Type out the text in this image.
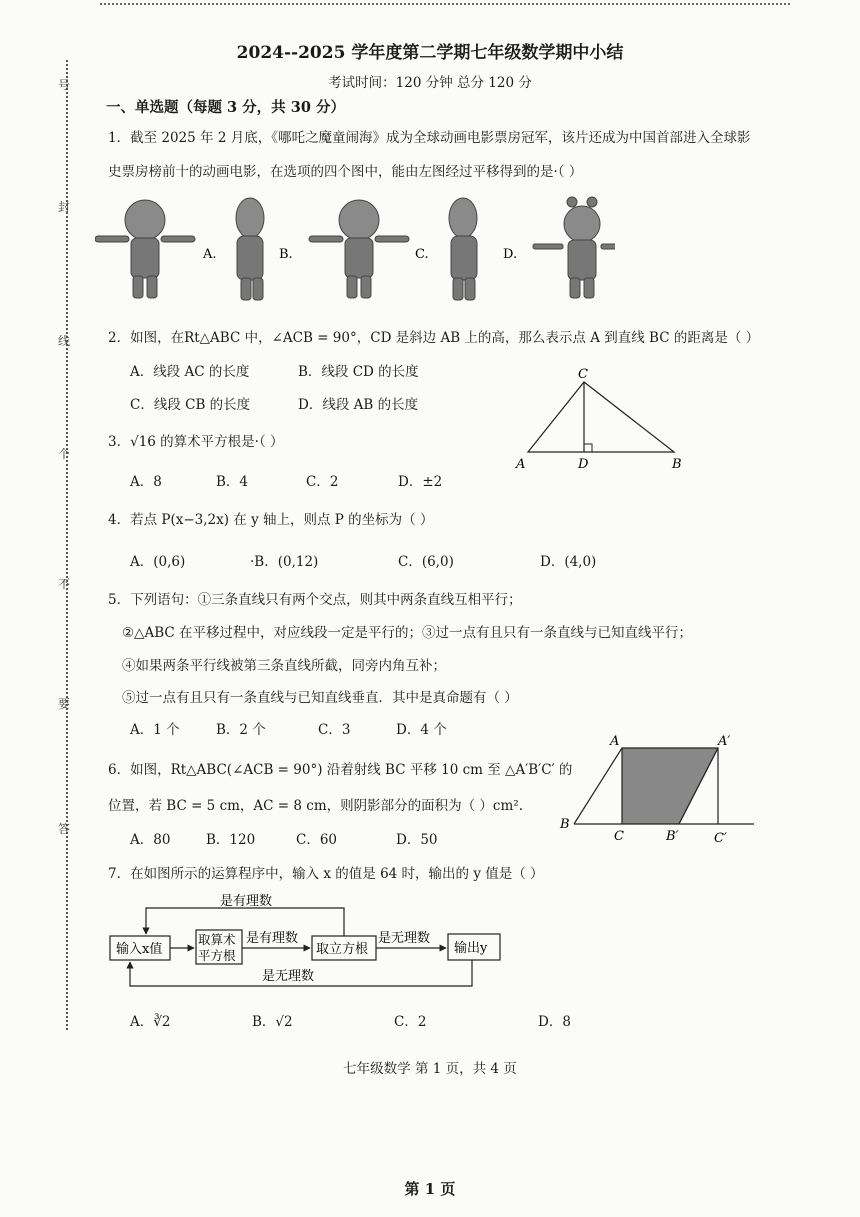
号
封
线
个
不
要
答
2024--2025 学年度第二学期七年级数学期中小结
考试时间：120 分钟 总分 120 分
一、单选题（每题 3 分，共 30 分）
1．截至 2025 年 2 月底，《哪吒之魔童闹海》成为全球动画电影票房冠军，该片还成为中国首部进入全球影
史票房榜前十的动画电影，在选项的四个图中，能由左图经过平移得到的是·（ ）
A.	B.	C.	D.
2．如图，在Rt△ABC 中，∠ACB = 90°，CD 是斜边 AB 上的高，那么表示点 A 到直线 BC 的距离是（ ）
A．线段 AC 的长度	B．线段 CD 的长度
C．线段 CB 的长度	D．线段 AB 的长度
C
A	D	B
3．√16 的算术平方根是·（ ）
A．8	B．4	C．2	D．±2
4．若点 P(x−3,2x) 在 y 轴上，则点 P 的坐标为（ ）
A．(0,6)	·B．(0,12)	C．(6,0)	D．(4,0)
5．下列语句：①三条直线只有两个交点，则其中两条直线互相平行；
②△ABC 在平移过程中，对应线段一定是平行的；③过一点有且只有一条直线与已知直线平行；
④如果两条平行线被第三条直线所截，同旁内角互补；
⑤过一点有且只有一条直线与已知直线垂直．其中是真命题有（ ）
A．1 个	B．2 个	C．3	D．4 个
6．如图，Rt△ABC(∠ACB = 90°) 沿着射线 BC 平移 10 cm 至 △A′B′C′ 的
位置，若 BC = 5 cm，AC = 8 cm，则阴影部分的面积为（ ）cm².
A．80	B．120	C．60	D．50
A	A′
B
C	B′	C′
7．在如图所示的运算程序中，输入 x 的值是 64 时，输出的 y 值是（ ）
输入x值
取算术
平方根	取立方根	输出y
是有理数	是无理数
是有理数
是无理数
A．∛2	B．√2	C．2	D．8
七年级数学 第 1 页，共 4 页
第 1 页
